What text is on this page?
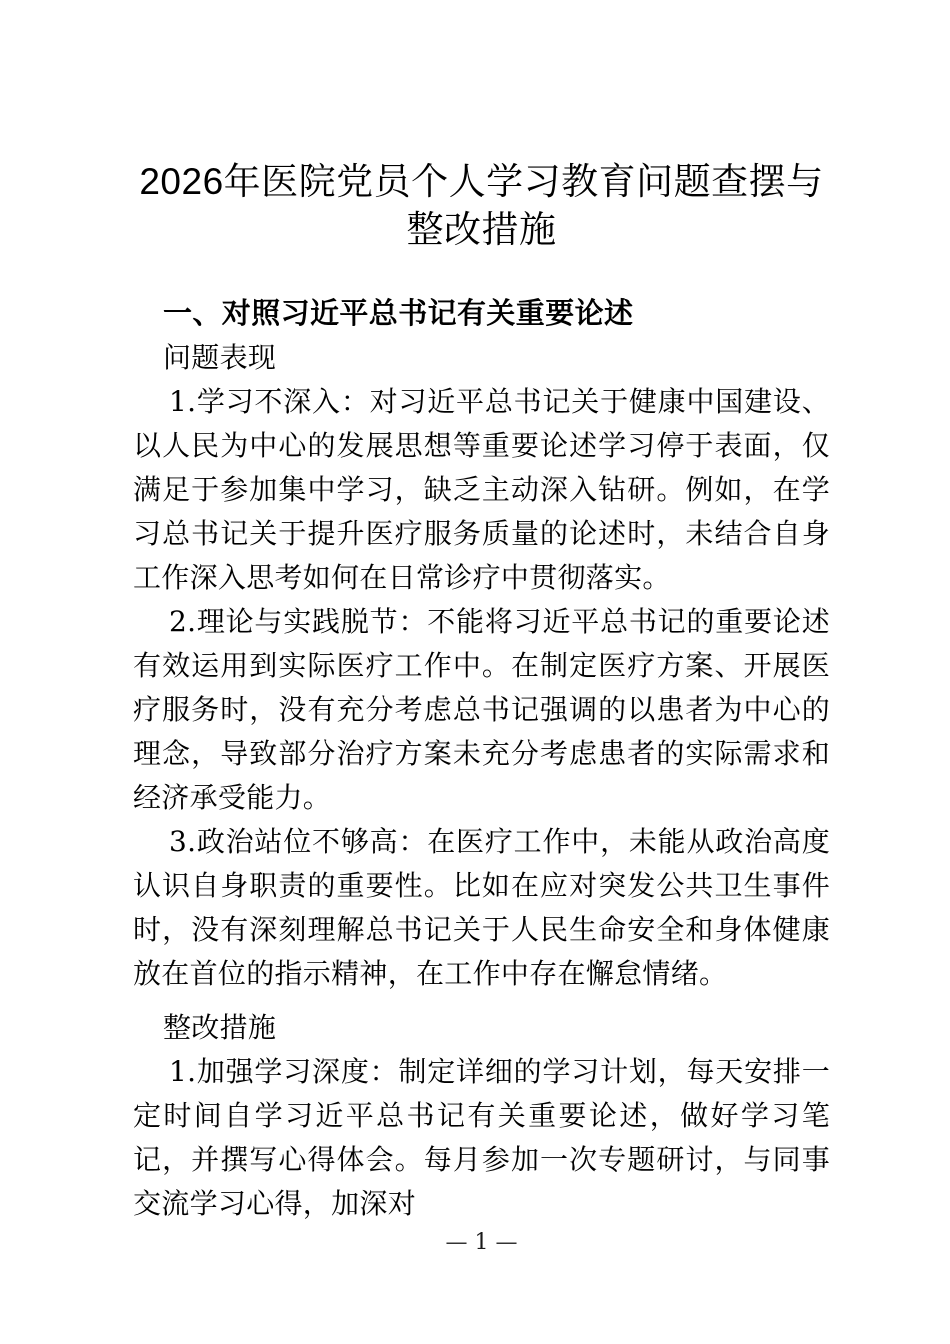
2026年医院党员个人学习教育问题查摆与整改措施
一、对照习近平总书记有关重要论述

问题表现

1.学习不深入：对习近平总书记关于健康中国建设、以人民为中心的发展思想等重要论述学习停于表面，仅满足于参加集中学习，缺乏主动深入钻研。例如，在学习总书记关于提升医疗服务质量的论述时，未结合自身工作深入思考如何在日常诊疗中贯彻落实。

2.理论与实践脱节：不能将习近平总书记的重要论述有效运用到实际医疗工作中。在制定医疗方案、开展医疗服务时，没有充分考虑总书记强调的以患者为中心的理念，导致部分治疗方案未充分考虑患者的实际需求和经济承受能力。

3.政治站位不够高：在医疗工作中，未能从政治高度认识自身职责的重要性。比如在应对突发公共卫生事件时，没有深刻理解总书记关于人民生命安全和身体健康放在首位的指示精神，在工作中存在懈怠情绪。

整改措施

1.加强学习深度：制定详细的学习计划，每天安排一定时间自学习近平总书记有关重要论述，做好学习笔记，并撰写心得体会。每月参加一次专题研讨，与同事交流学习心得，加深对

— 1 —
